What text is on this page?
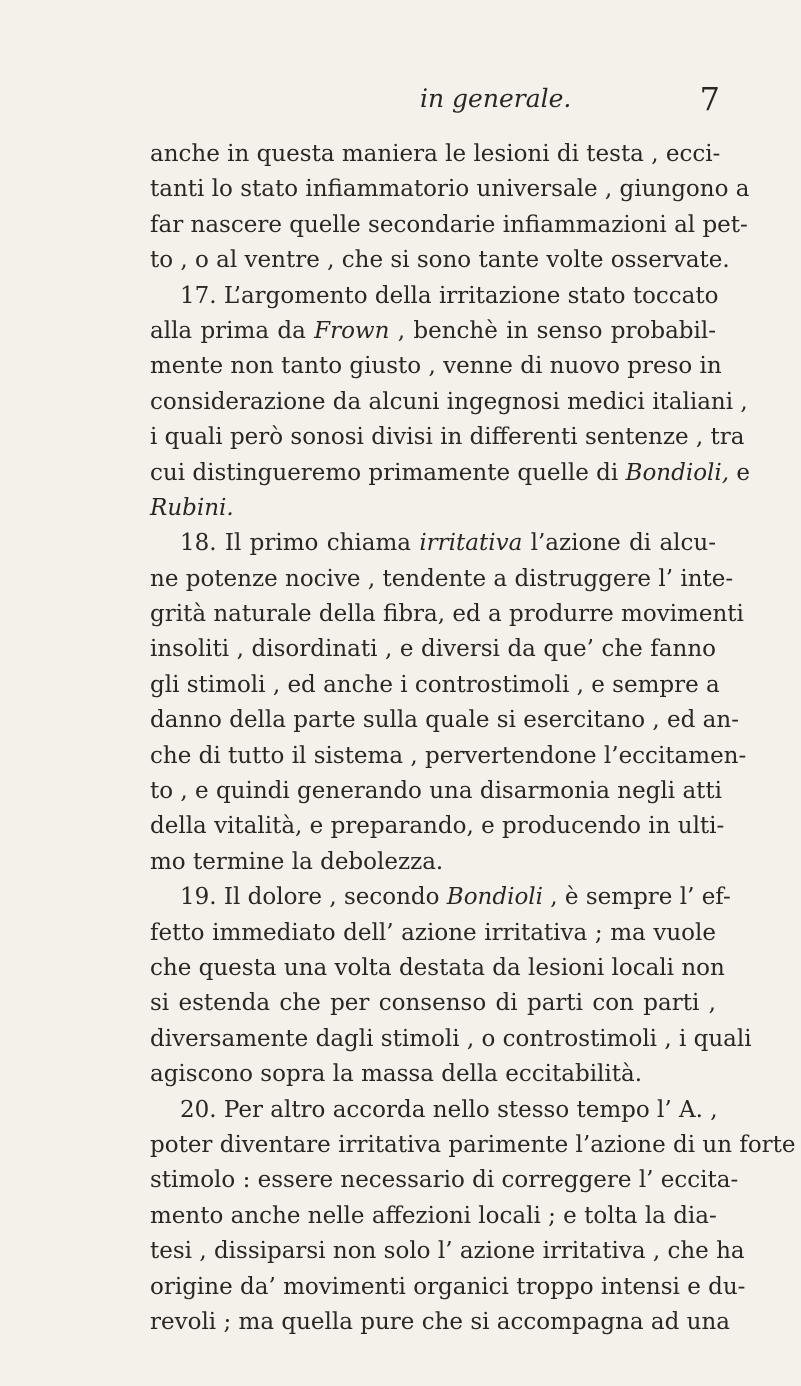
in generale.	7
anche in questa maniera le lesioni di testa , ecci-
tanti lo stato infiammatorio universale , giungono a
far nascere quelle secondarie infiammazioni al pet-
to , o al ventre , che si sono tante volte osservate.
17. L’argomento della irritazione stato toccato
alla prima da Frown , benchè in senso probabil-
mente non tanto giusto , venne di nuovo preso in
considerazione da alcuni ingegnosi medici italiani ,
i quali però sonosi divisi in differenti sentenze , tra
cui distingueremo primamente quelle di Bondioli, e
Rubini.
18. Il primo chiama irritativa l’azione di alcu-
ne potenze nocive , tendente a distruggere l’ inte-
grità naturale della fibra, ed a produrre movimenti
insoliti , disordinati , e diversi da que’ che fanno
gli stimoli , ed anche i controstimoli , e sempre a
danno della parte sulla quale si esercitano , ed an-
che di tutto il sistema , pervertendone l’eccitamen-
to , e quindi generando una disarmonia negli atti
della vitalità, e preparando, e producendo in ulti-
mo termine la debolezza.
19. Il dolore , secondo Bondioli , è sempre l’ ef-
fetto immediato dell’ azione irritativa ; ma vuole
che questa una volta destata da lesioni locali non
si estenda che per consenso di parti con parti ,
diversamente dagli stimoli , o controstimoli , i quali
agiscono sopra la massa della eccitabilità.
20. Per altro accorda nello stesso tempo l’ A. ,
poter diventare irritativa parimente l’azione di un forte
stimolo : essere necessario di correggere l’ eccita-
mento anche nelle affezioni locali ; e tolta la dia-
tesi , dissiparsi non solo l’ azione irritativa , che ha
origine da’ movimenti organici troppo intensi e du-
revoli ; ma quella pure che si accompagna ad una
